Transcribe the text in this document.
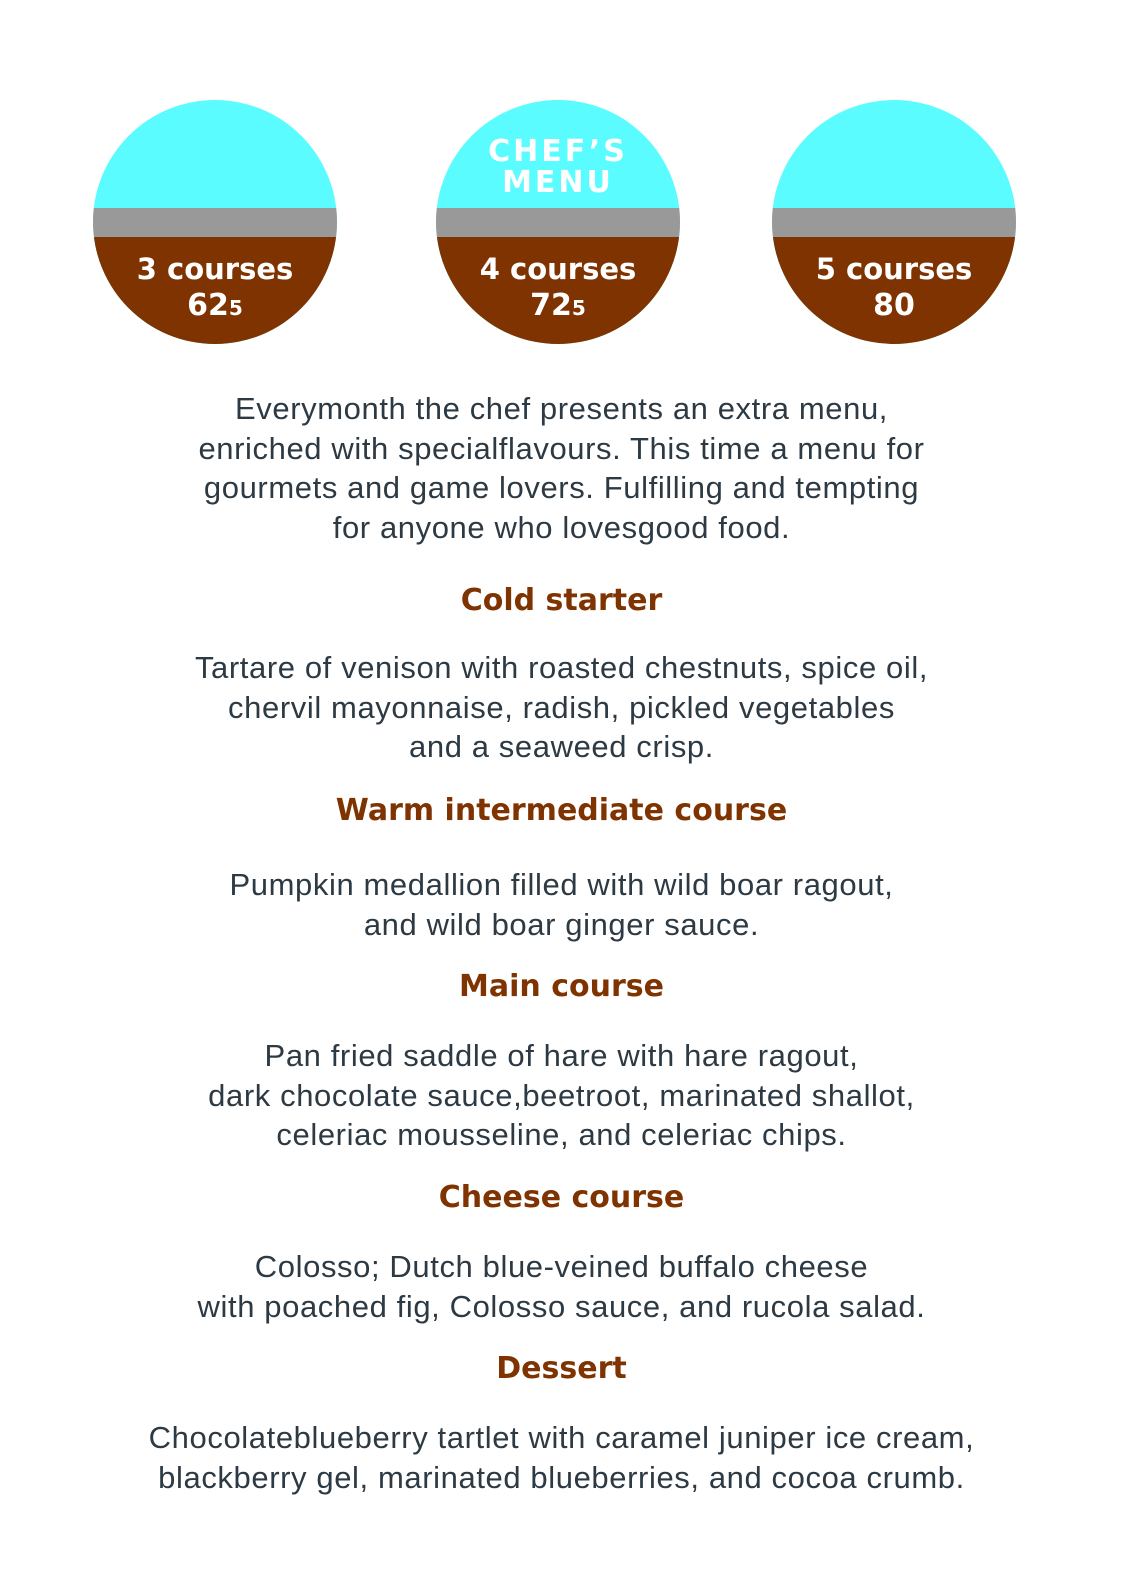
3 courses
625
CHEF’S
MENU
4 courses
725
5 courses
80
Everymonth the chef presents an extra menu,
enriched with specialflavours. This time a menu for
gourmets and game lovers. Fulfilling and tempting
for anyone who lovesgood food.
Cold starter
Tartare of venison with roasted chestnuts, spice oil,
chervil mayonnaise, radish, pickled vegetables
and a seaweed crisp.
Warm intermediate course
Pumpkin medallion filled with wild boar ragout,
and wild boar ginger sauce.
Main course
Pan fried saddle of hare with hare ragout,
dark chocolate sauce,beetroot, marinated shallot,
celeriac mousseline, and celeriac chips.
Cheese course
Colosso; Dutch blue-veined buffalo cheese
with poached fig, Colosso sauce, and rucola salad.
Dessert
Chocolateblueberry tartlet with caramel juniper ice cream,
blackberry gel, marinated blueberries, and cocoa crumb.
